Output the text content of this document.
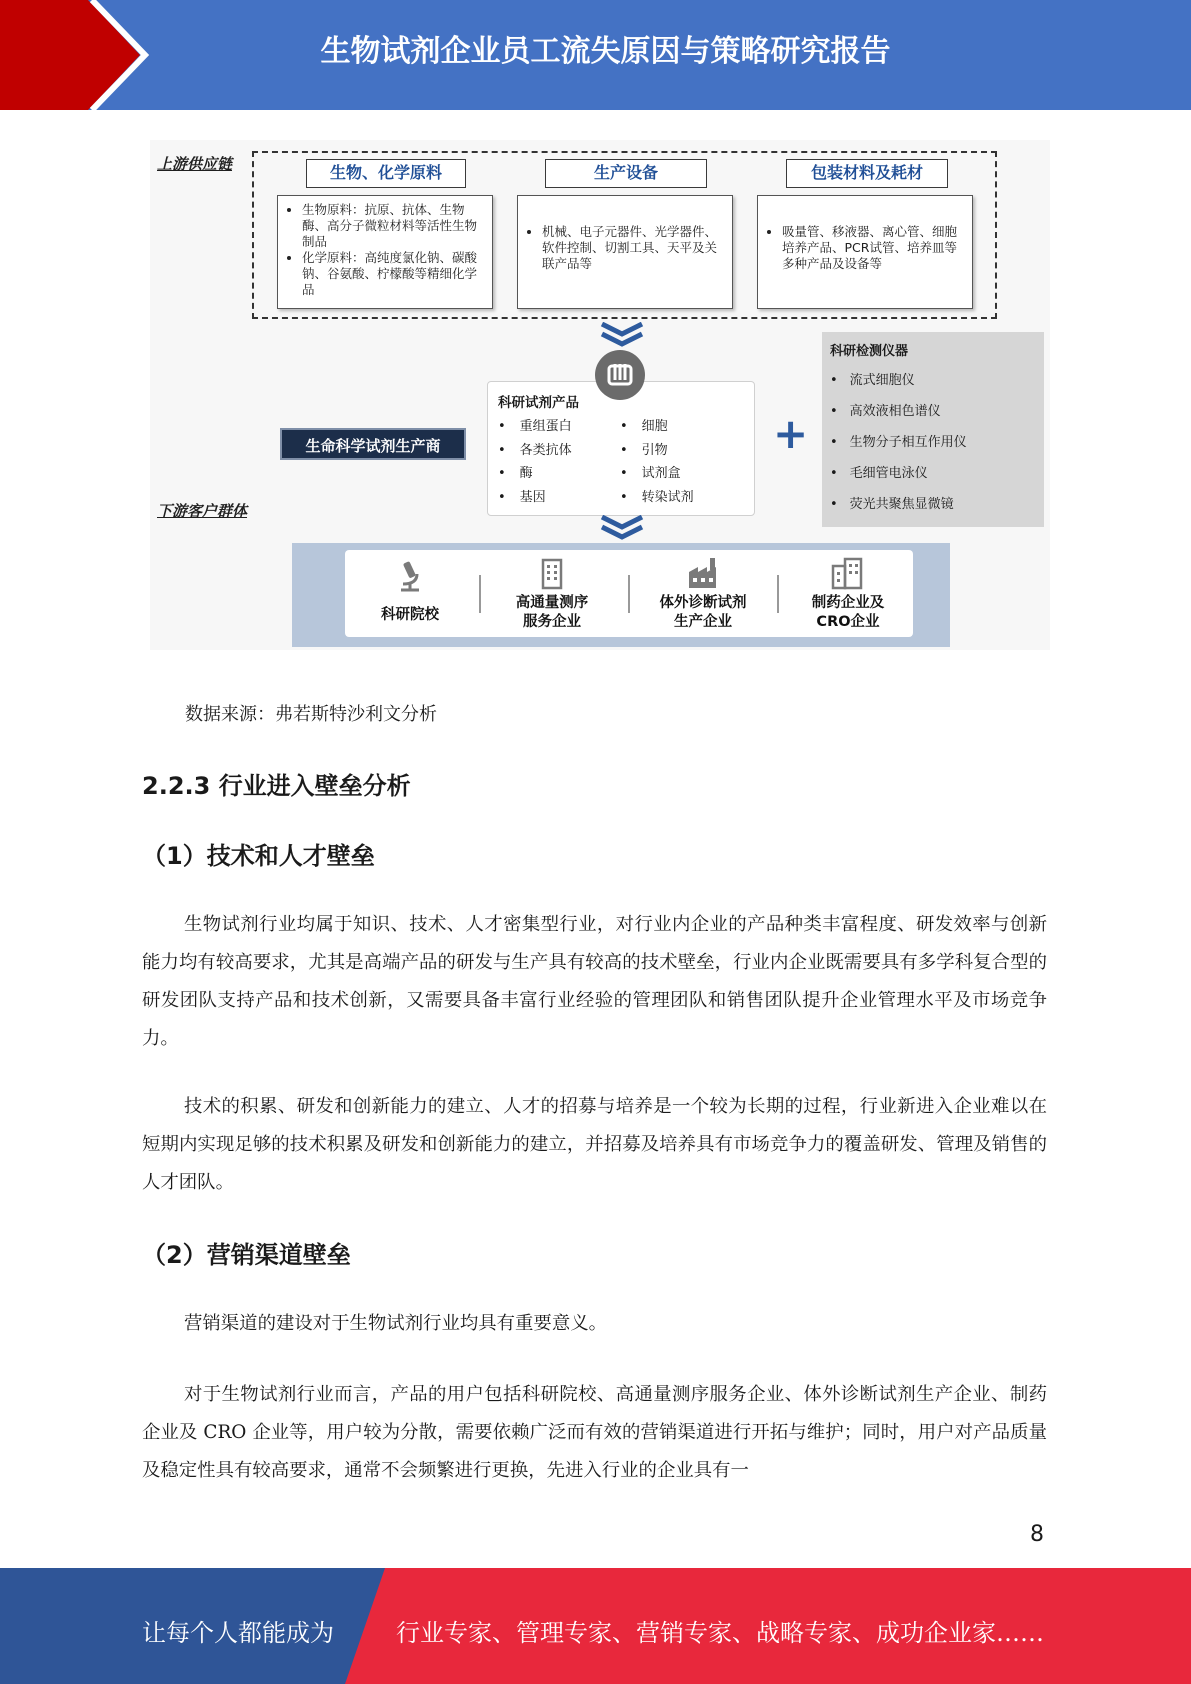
生物试剂企业员工流失原因与策略研究报告
上游供应链	生物、化学原料	生产设备	包装材料及耗材
• 生物原料：抗原、抗体、生物酶、高分子微粒材料等活性生物制品
• 化学原料：高纯度氯化钠、碳酸钠、谷氨酸、柠檬酸等精细化学品
• 机械、电子元器件、光学器件、软件控制、切割工具、天平及关联产品等
• 吸量管、移液器、离心管、细胞培养产品、PCR试管、培养皿等多种产品及设备等
科研试剂产品
• 重组蛋白
• 各类抗体
• 酶
• 基因
• 细胞
• 引物
• 试剂盒
• 转染试剂
生命科学试剂生产商	+
科研检测仪器
• 流式细胞仪
• 高效液相色谱仪
• 生物分子相互作用仪
• 毛细管电泳仪
• 荧光共聚焦显微镜
下游客户群体
科研院校
高通量测序
服务企业
体外诊断试剂
生产企业
制药企业及
CRO企业
数据来源：弗若斯特沙利文分析
2.2.3 行业进入壁垒分析
（1）技术和人才壁垒

生物试剂行业均属于知识、技术、人才密集型行业，对行业内企业的产品种类丰富程度、研发效率与创新能力均有较高要求，尤其是高端产品的研发与生产具有较高的技术壁垒，行业内企业既需要具有多学科复合型的研发团队支持产品和技术创新，又需要具备丰富行业经验的管理团队和销售团队提升企业管理水平及市场竞争力。

技术的积累、研发和创新能力的建立、人才的招募与培养是一个较为长期的过程，行业新进入企业难以在短期内实现足够的技术积累及研发和创新能力的建立，并招募及培养具有市场竞争力的覆盖研发、管理及销售的人才团队。

（2）营销渠道壁垒

营销渠道的建设对于生物试剂行业均具有重要意义。

对于生物试剂行业而言，产品的用户包括科研院校、高通量测序服务企业、体外诊断试剂生产企业、制药企业及 CRO 企业等，用户较为分散，需要依赖广泛而有效的营销渠道进行开拓与维护；同时，用户对产品质量及稳定性具有较高要求，通常不会频繁进行更换，先进入行业的企业具有一

8
让每个人都能成为	行业专家、管理专家、营销专家、战略专家、成功企业家……
